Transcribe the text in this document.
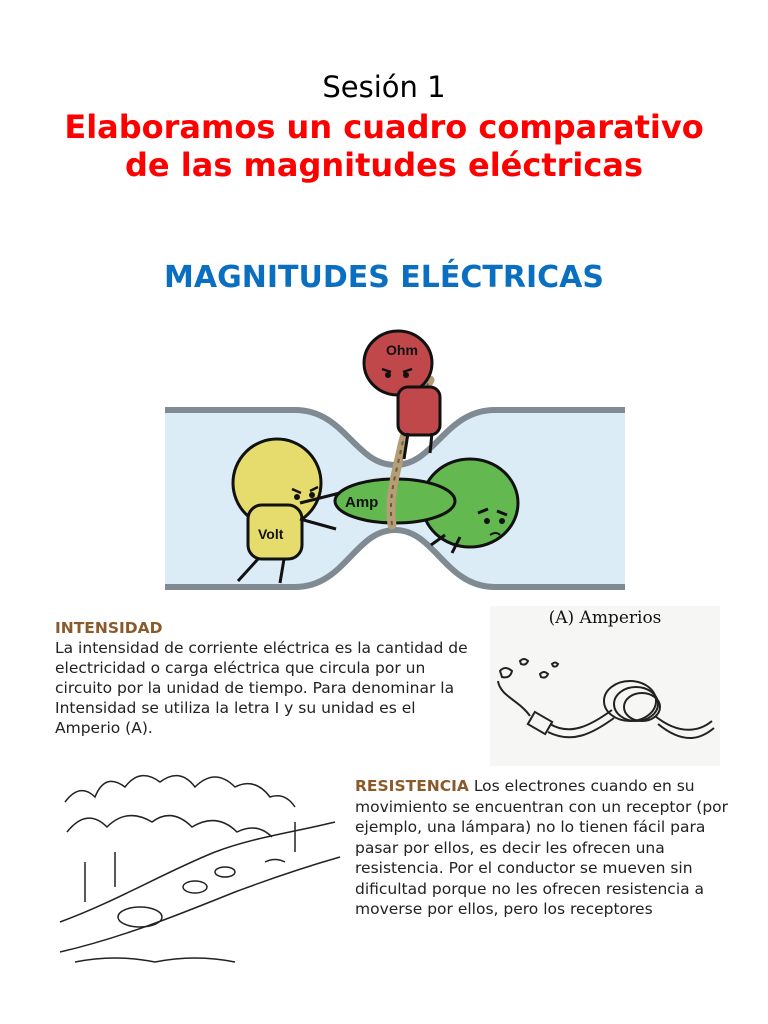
Sesión 1
Elaboramos un cuadro comparativo de las magnitudes eléctricas
MAGNITUDES ELÉCTRICAS
Amp
Ohm
Volt
INTENSIDAD
La intensidad de corriente eléctrica es la cantidad de electricidad o carga eléctrica que circula por un circuito por la unidad de tiempo. Para denominar la Intensidad se utiliza la letra I y su unidad es el Amperio (A).
(A) Amperios
RESISTENCIA Los electrones cuando en su movimiento se encuentran con un receptor (por ejemplo, una lámpara) no lo tienen fácil para pasar por ellos, es decir les ofrecen una resistencia. Por el conductor se mueven sin dificultad porque no les ofrecen resistencia a moverse por ellos, pero los receptores
